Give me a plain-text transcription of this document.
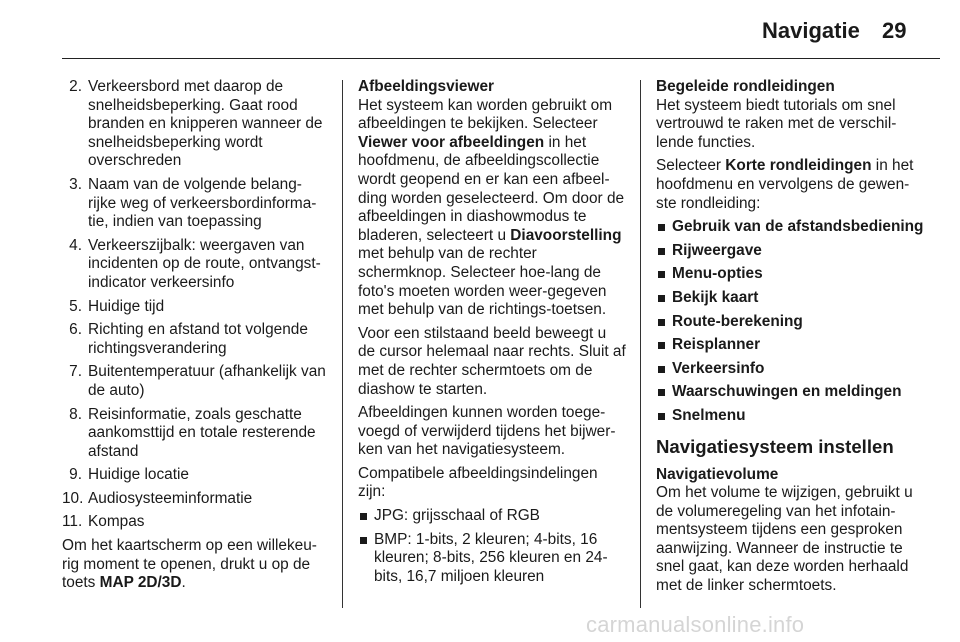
Navigatie 29
2. Verkeersbord met daarop de snelheidsbeperking. Gaat rood branden en knipperen wanneer de snelheidsbeperking wordt overschreden
3. Naam van de volgende belang-rijke weg of verkeersbordinforma-tie, indien van toepassing
4. Verkeerszijbalk: weergaven van incidenten op de route, ontvangst-indicator verkeersinfo
5. Huidige tijd
6. Richting en afstand tot volgende richtingsverandering
7. Buitentemperatuur (afhankelijk van de auto)
8. Reisinformatie, zoals geschatte aankomsttijd en totale resterende afstand
9. Huidige locatie
10. Audiosysteeminformatie
11. Kompas

Om het kaartscherm op een willekeu-rig moment te openen, drukt u op de toets MAP 2D/3D.

Afbeeldingsviewer

Het systeem kan worden gebruikt om afbeeldingen te bekijken. Selecteer Viewer voor afbeeldingen in het hoofdmenu, de afbeeldingscollectie wordt geopend en er kan een afbeel-ding worden geselecteerd. Om door de afbeeldingen in diashowmodus te bladeren, selecteert u Diavoorstelling met behulp van de rechter schermknop. Selecteer hoe-lang de foto's moeten worden weer-gegeven met behulp van de richtings-toetsen.

Voor een stilstaand beeld beweegt u de cursor helemaal naar rechts. Sluit af met de rechter schermtoets om de diashow te starten.

Afbeeldingen kunnen worden toege-voegd of verwijderd tijdens het bijwer-ken van het navigatiesysteem.

Compatibele afbeeldingsindelingen zijn:

JPG: grijsschaal of RGB
BMP: 1-bits, 2 kleuren; 4-bits, 16 kleuren; 8-bits, 256 kleuren en 24-bits, 16,7 miljoen kleuren
Begeleide rondleidingen

Het systeem biedt tutorials om snel vertrouwd te raken met de verschil-lende functies.

Selecteer Korte rondleidingen in het hoofdmenu en vervolgens de gewen-ste rondleiding:

Gebruik van de afstandsbediening
Rijweergave
Menu-opties
Bekijk kaart
Route-berekening
Reisplanner
Verkeersinfo
Waarschuwingen en meldingen
Snelmenu
Navigatiesysteem instellen
Navigatievolume

Om het volume te wijzigen, gebruikt u de volumeregeling van het infotain-mentsysteem tijdens een gesproken aanwijzing. Wanneer de instructie te snel gaat, kan deze worden herhaald met de linker schermtoets.

carmanualsonline.info
